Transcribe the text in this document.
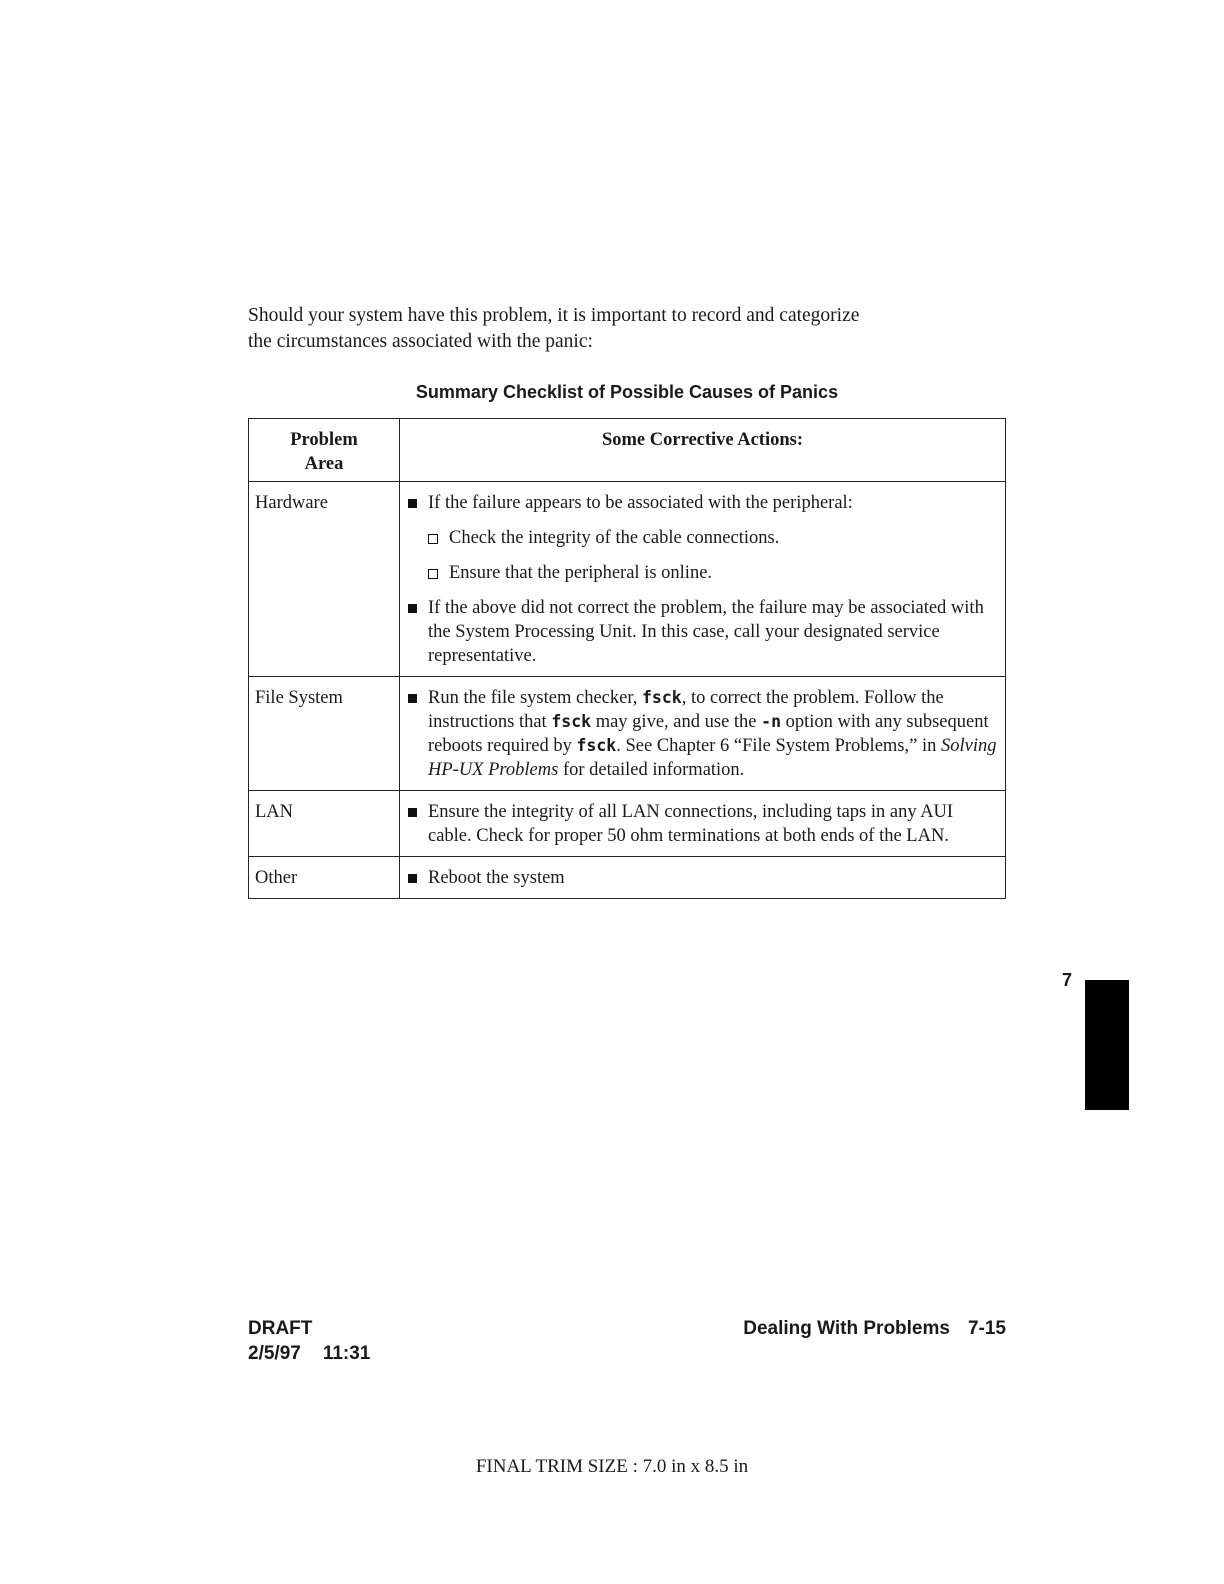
Should your system have this problem, it is important to record and categorize
the circumstances associated with the panic:

Summary Checklist of Possible Causes of Panics

Problem
Area	Some Corrective Actions:
Hardware	If the failure appears to be associated with the peripheral:
Check the integrity of the cable connections.
Ensure that the peripheral is online.
If the above did not correct the problem, the failure may be associated with the System Processing Unit. In this case, call your designated service representative.

File System	Run the file system checker, fsck, to correct the problem. Follow the instructions that fsck may give, and use the -n option with any subsequent reboots required by fsck. See Chapter 6 “File System Problems,” in Solving HP-UX Problems for detailed information.

LAN	Ensure the integrity of all LAN connections, including taps in any AUI cable. Check for proper 50 ohm terminations at both ends of the LAN.

Other	Reboot the system
7
DRAFT
2/5/97 11:31
Dealing With Problems 7-15
FINAL TRIM SIZE : 7.0 in x 8.5 in
